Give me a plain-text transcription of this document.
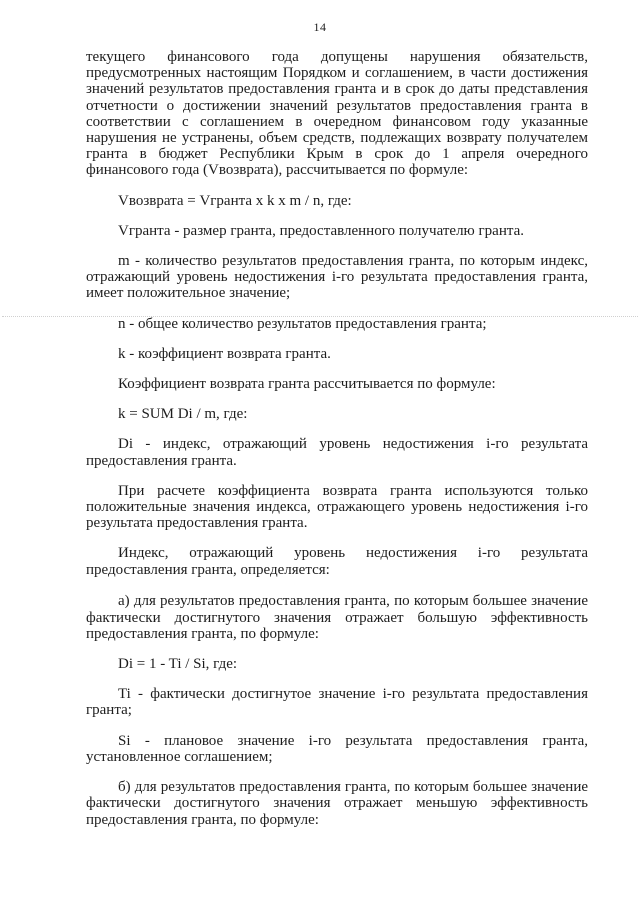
14

текущего финансового года допущены нарушения обязательств, предусмотренных настоящим Порядком и соглашением, в части достижения значений результатов предоставления гранта и в срок до даты представления отчетности о достижении значений результатов предоставления гранта в соответствии с соглашением в очередном финансовом году указанные нарушения не устранены, объем средств, подлежащих возврату получателем гранта в бюджет Республики Крым в срок до 1 апреля очередного финансового года (Vвозврата), рассчитывается по формуле:

Vвозврата = Vгранта x k x m / n, где:

Vгранта - размер гранта, предоставленного получателю гранта.

m - количество результатов предоставления гранта, по которым индекс, отражающий уровень недостижения i-го результата предоставления гранта, имеет положительное значение;

n - общее количество результатов предоставления гранта;

k - коэффициент возврата гранта.

Коэффициент возврата гранта рассчитывается по формуле:

k = SUM Di / m, где:

Di - индекс, отражающий уровень недостижения i-го результата предоставления гранта.

При расчете коэффициента возврата гранта используются только положительные значения индекса, отражающего уровень недостижения i-го результата предоставления гранта.

Индекс, отражающий уровень недостижения i-го результата предоставления гранта, определяется:

а) для результатов предоставления гранта, по которым большее значение фактически достигнутого значения отражает большую эффективность предоставления гранта, по формуле:

Di = 1 - Ti / Si, где:

Ti - фактически достигнутое значение i-го результата предоставления гранта;

Si - плановое значение i-го результата предоставления гранта, установленное соглашением;

б) для результатов предоставления гранта, по которым большее значение фактически достигнутого значения отражает меньшую эффективность предоставления гранта, по формуле:
